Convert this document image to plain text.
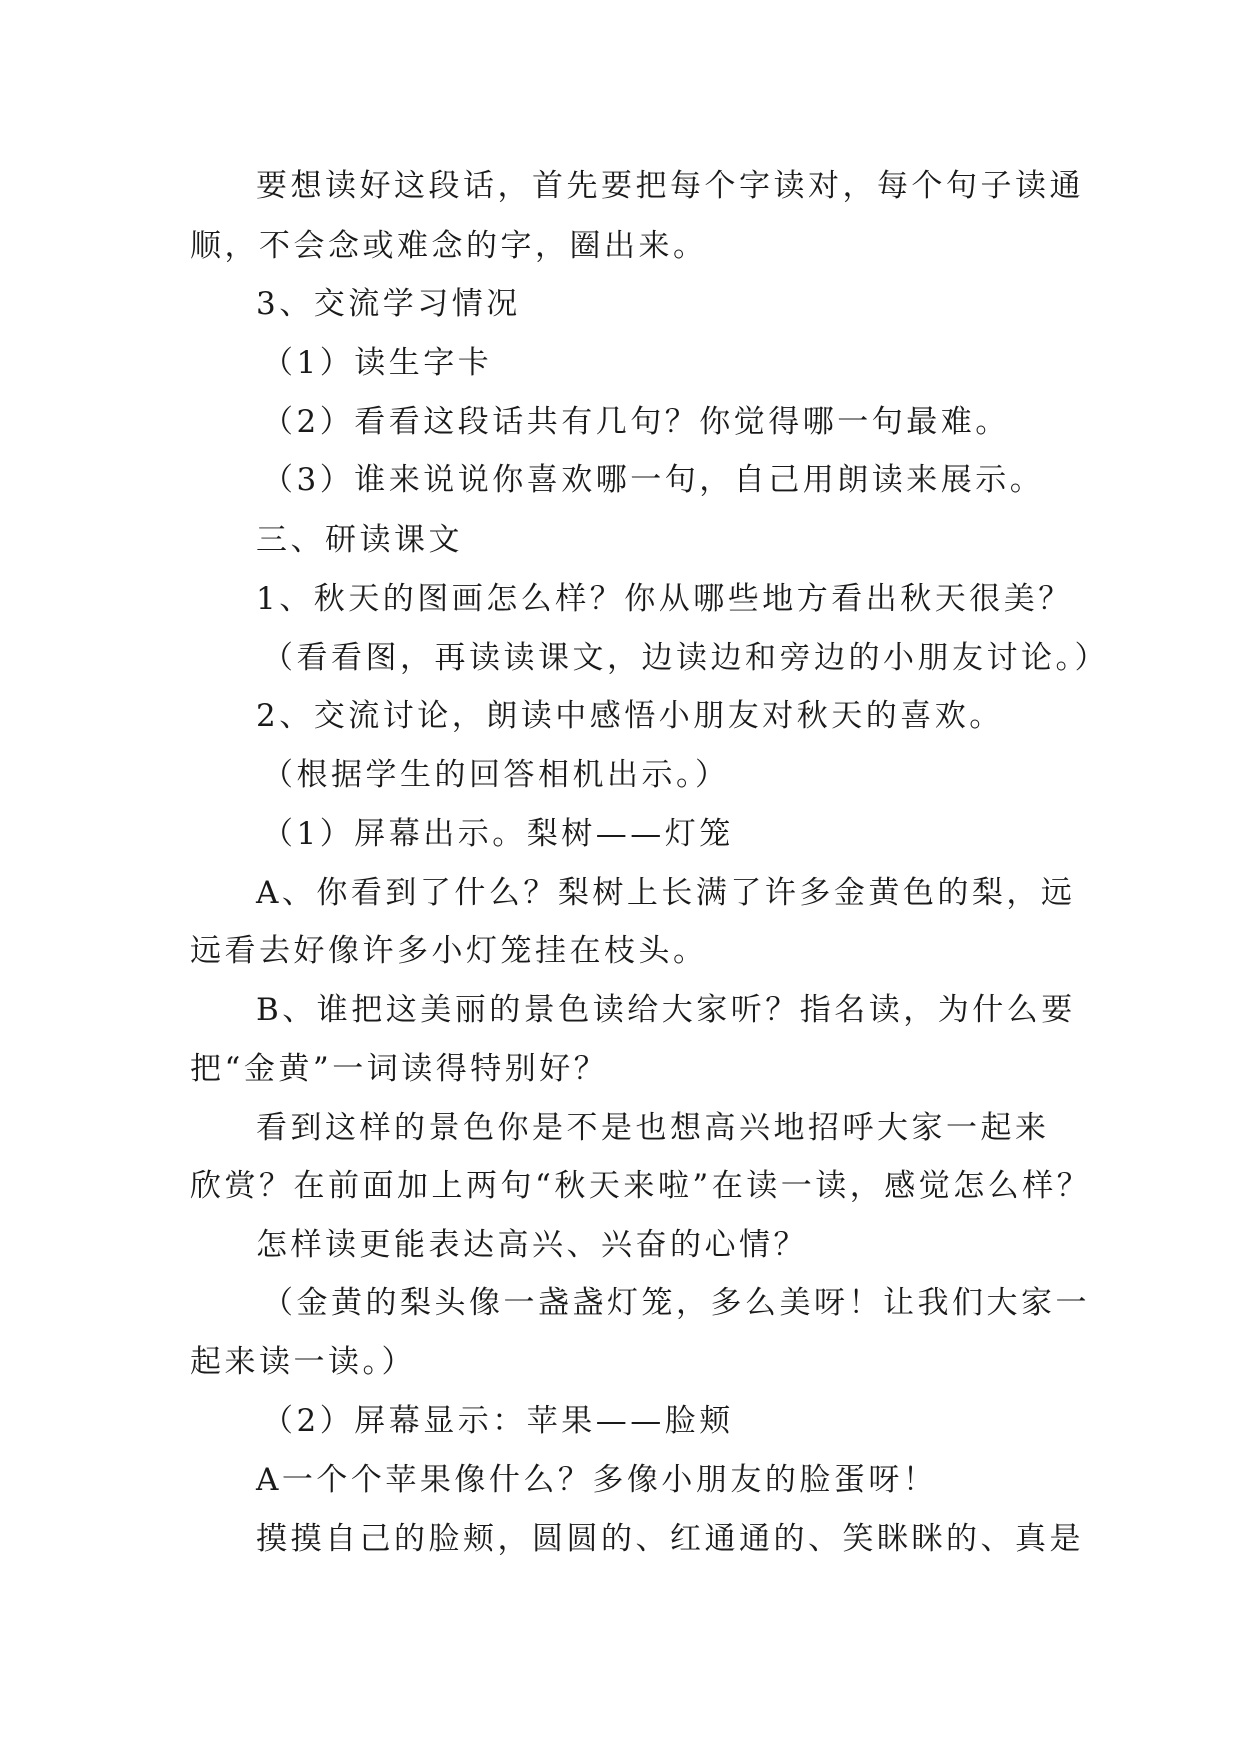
要想读好这段话，首先要把每个字读对，每个句子读通
顺，不会念或难念的字，圈出来。
3、交流学习情况
（1）读生字卡
（2）看看这段话共有几句？你觉得哪一句最难。
（3）谁来说说你喜欢哪一句，自己用朗读来展示。
三、研读课文
1、秋天的图画怎么样？你从哪些地方看出秋天很美？
（看看图，再读读课文，边读边和旁边的小朋友讨论。）
2、交流讨论，朗读中感悟小朋友对秋天的喜欢。
（根据学生的回答相机出示。）
（1）屏幕出示。梨树——灯笼
A、你看到了什么？梨树上长满了许多金黄色的梨，远
远看去好像许多小灯笼挂在枝头。
B、谁把这美丽的景色读给大家听？指名读，为什么要
把“金黄”一词读得特别好？
看到这样的景色你是不是也想高兴地招呼大家一起来
欣赏？在前面加上两句“秋天来啦”在读一读，感觉怎么样？
怎样读更能表达高兴、兴奋的心情？
（金黄的梨头像一盏盏灯笼，多么美呀！让我们大家一
起来读一读。）
（2）屏幕显示：苹果——脸颊
A一个个苹果像什么？多像小朋友的脸蛋呀！
摸摸自己的脸颊，圆圆的、红通通的、笑眯眯的、真是
